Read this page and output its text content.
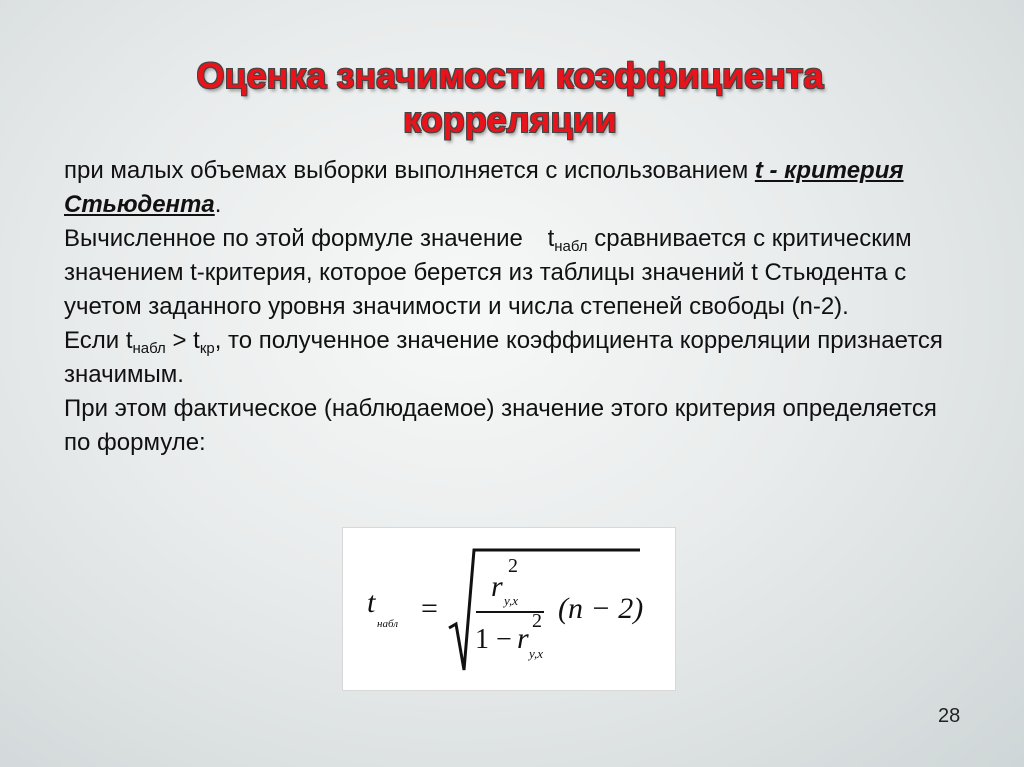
Оценка значимости коэффициента
корреляции

при малых объемах выборки выполняется с использованием t - критерия Стьюдента.

Вычисленное по этой формуле значение $t_{набл}$ сравнивается с критическим значением t-критерия, которое берется из таблицы значений t Стьюдента с учетом заданного уровня значимости и числа степеней свободы (n-2).

Если $t_{набл} > t_{кр}$, то полученное значение коэффициента корреляции признается значимым.

При этом фактическое (наблюдаемое) значение этого критерия определяется по формуле:

t
набл =
r
2
y,x
1 − r
2
y,x
(n − 2)
28
